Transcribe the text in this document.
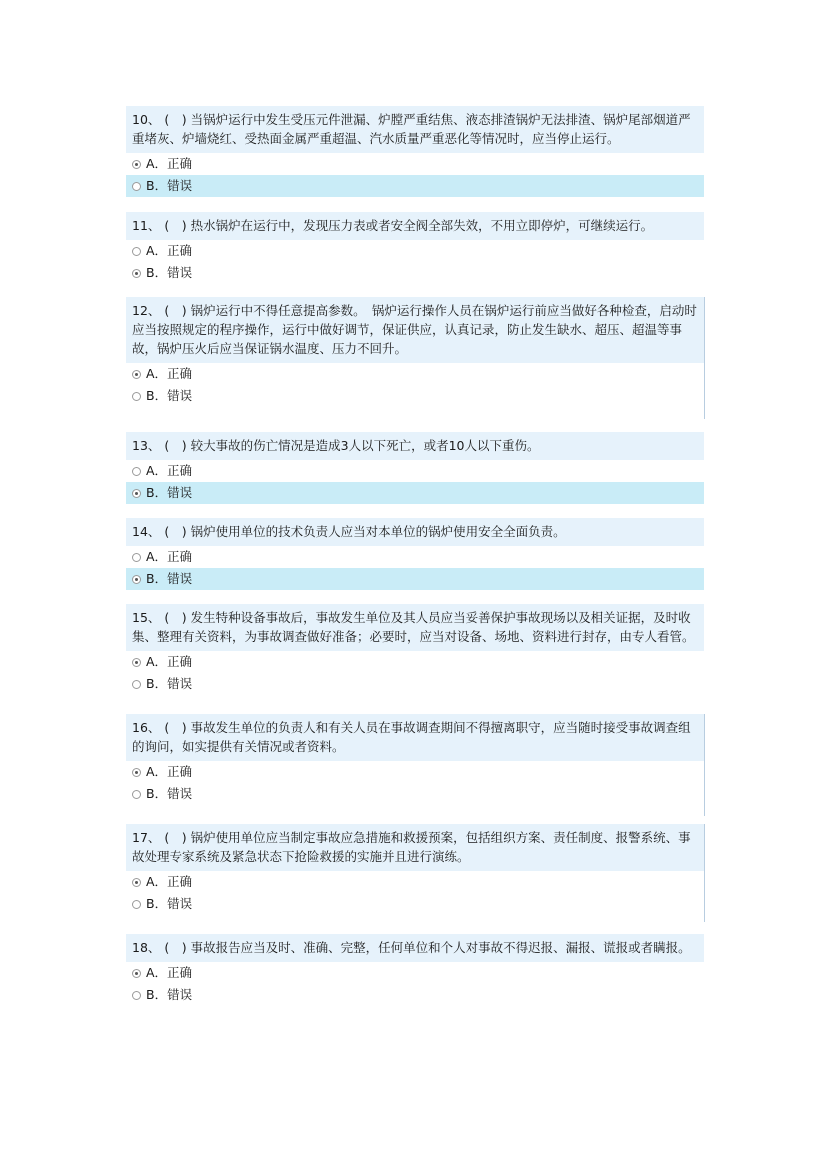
10、 (　) 当锅炉运行中发生受压元件泄漏、炉膛严重结焦、液态排渣锅炉无法排渣、锅炉尾部烟道严重堵灰、炉墙烧红、受热面金属严重超温、汽水质量严重恶化等情况时，应当停止运行。
A．正确
B．错误
11、 (　) 热水锅炉在运行中，发现压力表或者安全阀全部失效，不用立即停炉，可继续运行。
A．正确
B．错误
12、 (　) 锅炉运行中不得任意提高参数。　锅炉运行操作人员在锅炉运行前应当做好各种检查，启动时应当按照规定的程序操作，运行中做好调节，保证供应，认真记录，防止发生缺水、超压、超温等事故，锅炉压火后应当保证锅水温度、压力不回升。
A．正确
B．错误
13、 (　) 较大事故的伤亡情况是造成3人以下死亡，或者10人以下重伤。
A．正确
B．错误
14、 (　) 锅炉使用单位的技术负责人应当对本单位的锅炉使用安全全面负责。
A．正确
B．错误
15、 (　) 发生特种设备事故后，事故发生单位及其人员应当妥善保护事故现场以及相关证据，及时收集、整理有关资料，为事故调查做好准备；必要时，应当对设备、场地、资料进行封存，由专人看管。
A．正确
B．错误
16、 (　) 事故发生单位的负责人和有关人员在事故调查期间不得擅离职守，应当随时接受事故调查组的询问，如实提供有关情况或者资料。
A．正确
B．错误
17、 (　) 锅炉使用单位应当制定事故应急措施和救援预案，包括组织方案、责任制度、报警系统、事故处理专家系统及紧急状态下抢险救援的实施并且进行演练。
A．正确
B．错误
18、 (　) 事故报告应当及时、准确、完整，任何单位和个人对事故不得迟报、漏报、谎报或者瞒报。
A．正确
B．错误
